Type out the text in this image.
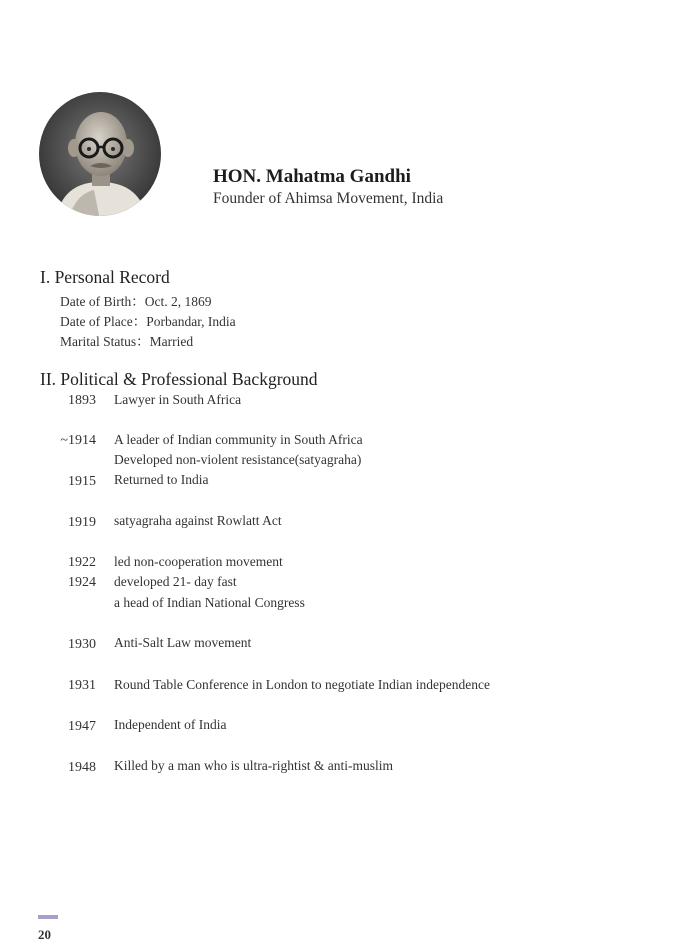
HON. Mahatma Gandhi
Founder of Ahimsa Movement, India
I. Personal Record
Date of Birth：Oct. 2, 1869
Date of Place：Porbandar, India
Marital Status：Married
II. Political & Professional Background
1893 Lawyer in South Africa
~1914 A leader of Indian community in South Africa
Developed non-violent resistance(satyagraha)
1915 Returned to India
1919 satyagraha against Rowlatt Act
1922 led non-cooperation movement
1924 developed 21- day fast
a head of Indian National Congress
1930 Anti-Salt Law movement
1931 Round Table Conference in London to negotiate Indian independence
1947 Independent of India
1948 Killed by a man who is ultra-rightist & anti-muslim
20
